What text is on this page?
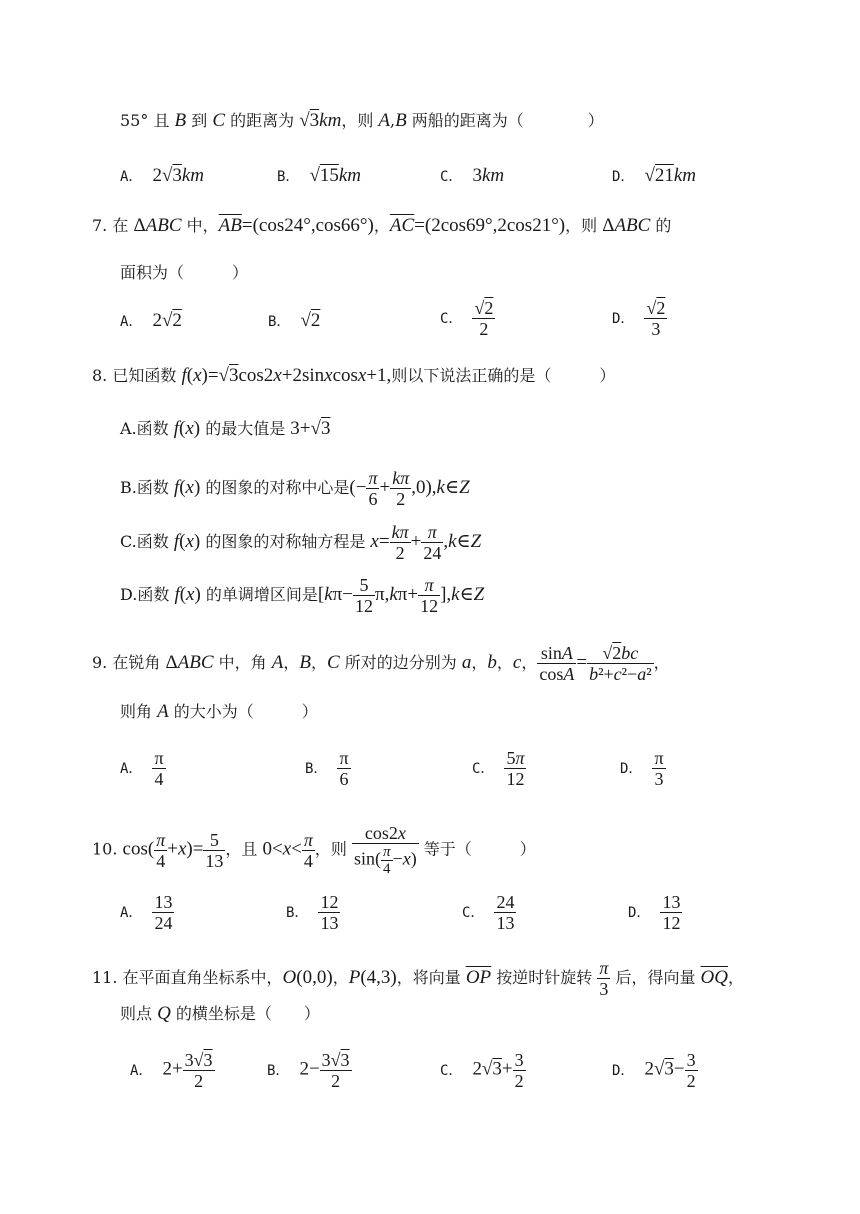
55° 且 B 到 C 的距离为 √3km，则 A,B 两船的距离为（　　　　）
A． 2√3km	B． √15km	C． 3km	D． √21km
7. 在 ΔABC 中，$\overline{AB}=(\cos 24^\circ,\cos 66^\circ)$，$\overline{AC}=(2\cos 69^\circ,2\cos 21^\circ)$，则 ΔABC 的
面积为（　　　）
A． 2√2	B． √2	C． $\frac{√2}{2}$	D． $\frac{√2}{3}$
8. 已知函数 f(x)=√3cos2x+2sinxcosx+1,则以下说法正确的是（　　　）
A.函数 f(x) 的最大值是 3+√3
B.函数 f(x) 的图象的对称中心是(− $\frac{\pi}{6} + \frac{k\pi}{2}$ ,0),k∈Z
C.函数 f(x) 的图象的对称轴方程是 $x= \frac{k\pi}{2} + \frac{\pi}{24}$ ,k∈Z
D.函数 f(x) 的单调增区间是[$k\pi- \frac{5}{12} \pi,k\pi+ \frac{\pi}{12}$ ],k∈Z
9. 在锐角 ΔABC 中，角 A，B，C 所对的边分别为 a，b，c， $\frac{\sin A}{\cos A} = \frac{√2bc}{\text{b²+c²−a²}}$ ，
则角 A 的大小为（　　　）
A． $\frac{\pi}{4}$	B． $\frac{\pi}{6}$	C． $\frac{5\pi}{12}$	D． $\frac{\pi}{3}$
10. $\cos( \frac{\pi}{4} +x)= \frac{5}{13}$ ，且 $0<x< \frac{\pi}{4}$ ，则 $\frac{\cos 2x}{\sin( \frac{\pi}{4} -x)}$ 等于（　　　）
A． $\frac{13}{24}$	B． $\frac{12}{13}$	C． $\frac{24}{13}$	D． $\frac{13}{12}$
11. 在平面直角坐标系中，O(0,0)，P(4,3)，将向量 $\overline{OP}$ 按逆时针旋转 $\frac{\pi}{3}$ 后，得向量 $\overline{OQ}$，
则点 Q 的横坐标是（　　）
A． $2+ \frac{3√3}{2}$	B． $2- \frac{3√3}{2}$	C． $2√3+ \frac{3}{2}$	D． $2√3- \frac{3}{2}$
